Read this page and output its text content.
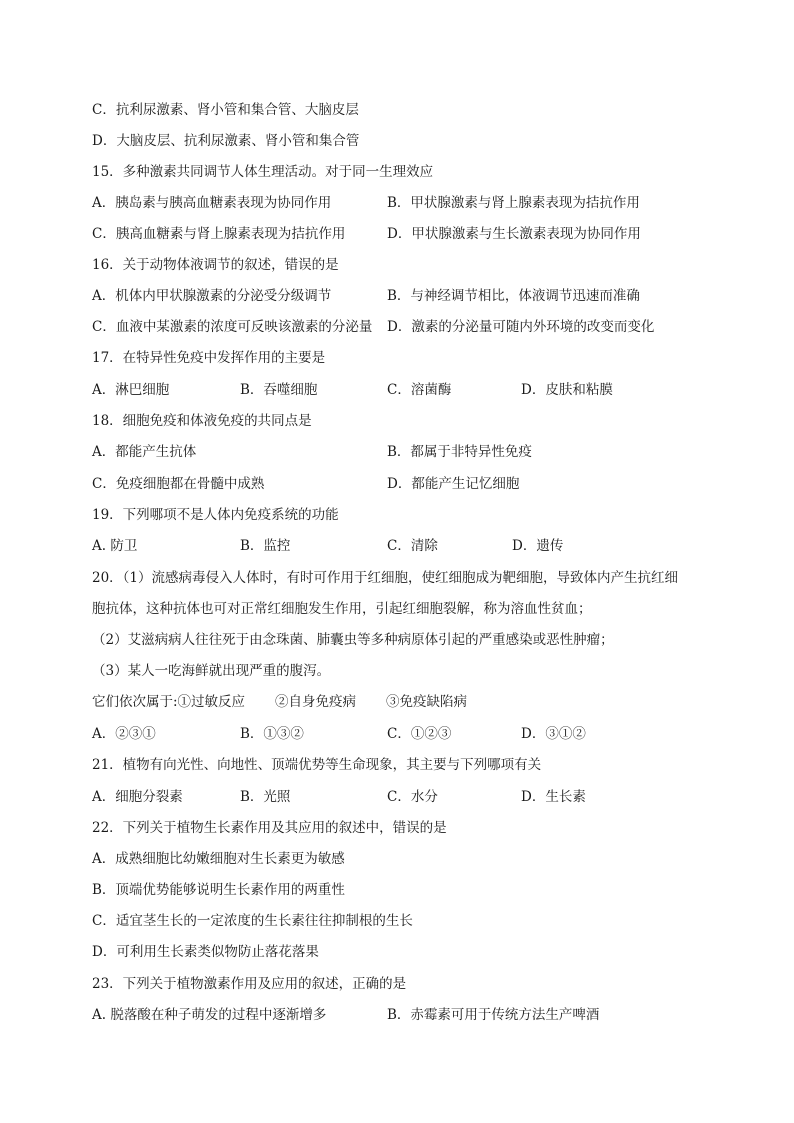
C．抗利尿激素、肾小管和集合管、大脑皮层
D．大脑皮层、抗利尿激素、肾小管和集合管
15．多种激素共同调节人体生理活动。对于同一生理效应
A．胰岛素与胰高血糖素表现为协同作用	B．甲状腺激素与肾上腺素表现为拮抗作用
C．胰高血糖素与肾上腺素表现为拮抗作用	D．甲状腺激素与生长激素表现为协同作用
16．关于动物体液调节的叙述，错误的是
A．机体内甲状腺激素的分泌受分级调节	B．与神经调节相比，体液调节迅速而准确
C．血液中某激素的浓度可反映该激素的分泌量 D．激素的分泌量可随内外环境的改变而变化
17．在特异性免疫中发挥作用的主要是
A．淋巴细胞	B．吞噬细胞	C．溶菌酶	D．皮肤和粘膜
18．细胞免疫和体液免疫的共同点是
A．都能产生抗体	B．都属于非特异性免疫
C．免疫细胞都在骨髓中成熟	D．都能产生记忆细胞
19．下列哪项不是人体内免疫系统的功能
A. 防卫	B．监控	C．清除	D．遗传
20．（1）流感病毒侵入人体时，有时可作用于红细胞，使红细胞成为靶细胞，导致体内产生抗红细
胞抗体，这种抗体也可对正常红细胞发生作用，引起红细胞裂解，称为溶血性贫血；
（2）艾滋病病人往往死于由念珠菌、肺囊虫等多种病原体引起的严重感染或恶性肿瘤；
（3）某人一吃海鲜就出现严重的腹泻。
它们依次属于:①过敏反应 ②自身免疫病 ③免疫缺陷病
A．②③①	B．①③②	C．①②③	D．③①②
21．植物有向光性、向地性、顶端优势等生命现象，其主要与下列哪项有关
A．细胞分裂素	B．光照	C．水分	D．生长素
22．下列关于植物生长素作用及其应用的叙述中，错误的是
A．成熟细胞比幼嫩细胞对生长素更为敏感
B．顶端优势能够说明生长素作用的两重性
C．适宜茎生长的一定浓度的生长素往往抑制根的生长
D．可利用生长素类似物防止落花落果
23．下列关于植物激素作用及应用的叙述，正确的是
A. 脱落酸在种子萌发的过程中逐渐增多	B．赤霉素可用于传统方法生产啤酒
